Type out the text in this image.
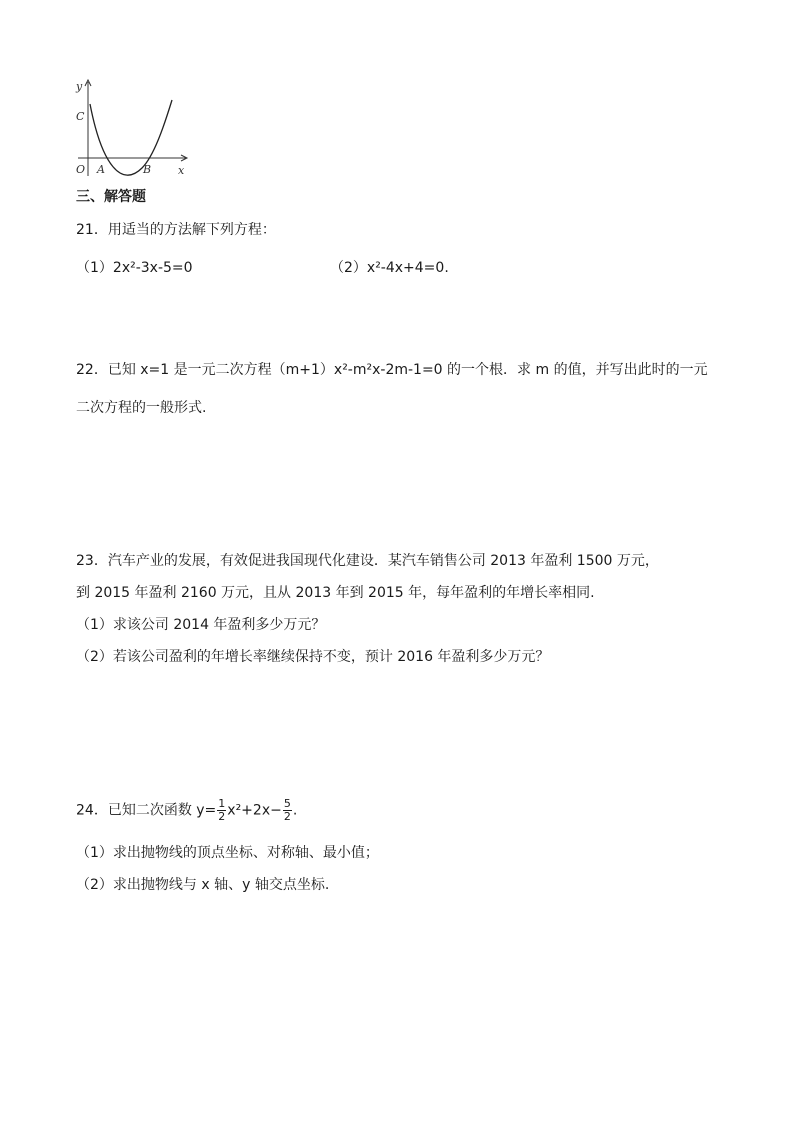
y
C
O A	B x
三、解答题
21．用适当的方法解下列方程：
（1）2x²-3x-5=0	（2）x²-4x+4=0.
22．已知 x=1 是一元二次方程（m+1）x²-m²x-2m-1=0 的一个根．求 m 的值，并写出此时的一元
二次方程的一般形式.
23．汽车产业的发展，有效促进我国现代化建设．某汽车销售公司 2013 年盈利 1500 万元，
到 2015 年盈利 2160 万元，且从 2013 年到 2015 年，每年盈利的年增长率相同.
（1）求该公司 2014 年盈利多少万元？
（2）若该公司盈利的年增长率继续保持不变，预计 2016 年盈利多少万元？
24．已知二次函数 $y= \frac{1}{2} x^2+2x- \frac{5}{2}$ .
（1）求出抛物线的顶点坐标、对称轴、最小值；
（2）求出抛物线与 x 轴、y 轴交点坐标.
